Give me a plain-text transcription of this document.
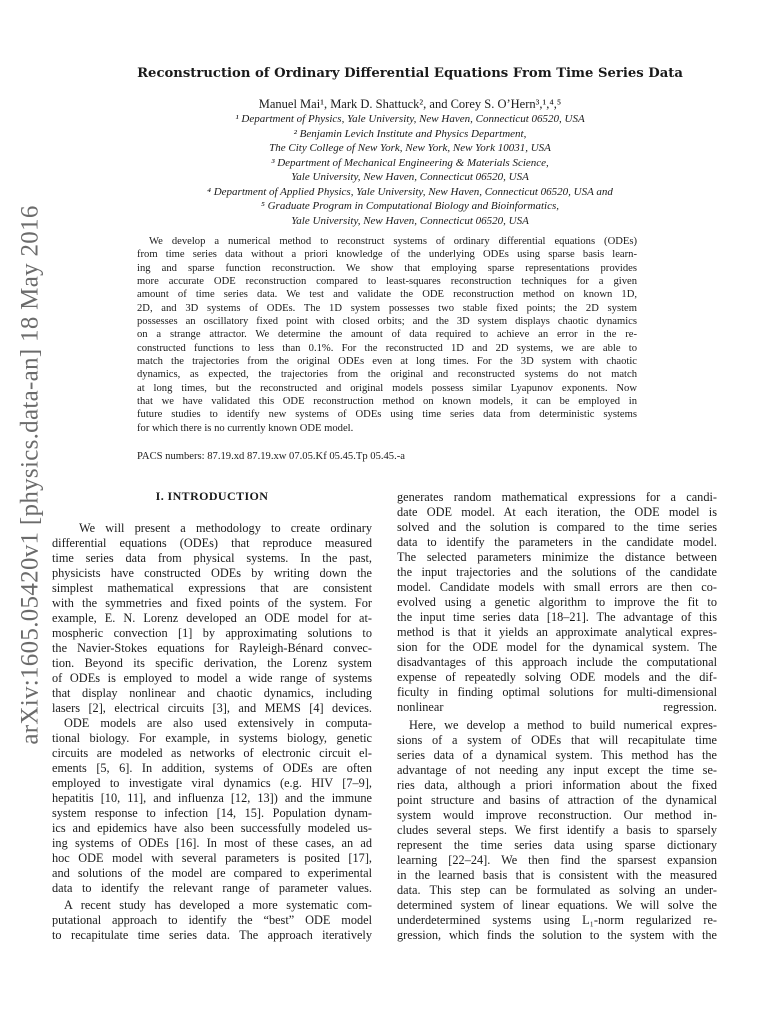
arXiv:1605.05420v1 [physics.data-an] 18 May 2016
Reconstruction of Ordinary Differential Equations From Time Series Data

Manuel Mai¹, Mark D. Shattuck², and Corey S. O’Hern³,¹,⁴,⁵

¹ Department of Physics, Yale University, New Haven, Connecticut 06520, USA
² Benjamin Levich Institute and Physics Department,
The City College of New York, New York, New York 10031, USA
³ Department of Mechanical Engineering & Materials Science,
Yale University, New Haven, Connecticut 06520, USA
⁴ Department of Applied Physics, Yale University, New Haven, Connecticut 06520, USA and
⁵ Graduate Program in Computational Biology and Bioinformatics,
Yale University, New Haven, Connecticut 06520, USA
We develop a numerical method to reconstruct systems of ordinary differential equations (ODEs)
from time series data without a priori knowledge of the underlying ODEs using sparse basis learn-
ing and sparse function reconstruction. We show that employing sparse representations provides
more accurate ODE reconstruction compared to least-squares reconstruction techniques for a given
amount of time series data. We test and validate the ODE reconstruction method on known 1D,
2D, and 3D systems of ODEs. The 1D system possesses two stable fixed points; the 2D system
possesses an oscillatory fixed point with closed orbits; and the 3D system displays chaotic dynamics
on a strange attractor. We determine the amount of data required to achieve an error in the re-
constructed functions to less than 0.1%. For the reconstructed 1D and 2D systems, we are able to
match the trajectories from the original ODEs even at long times. For the 3D system with chaotic
dynamics, as expected, the trajectories from the original and reconstructed systems do not match
at long times, but the reconstructed and original models possess similar Lyapunov exponents. Now
that we have validated this ODE reconstruction method on known models, it can be employed in
future studies to identify new systems of ODEs using time series data from deterministic systems
for which there is no currently known ODE model.
PACS numbers: 87.19.xd 87.19.xw 07.05.Kf 05.45.Tp 05.45.-a
I. INTRODUCTION
We will present a methodology to create ordinary
differential equations (ODEs) that reproduce measured
time series data from physical systems. In the past,
physicists have constructed ODEs by writing down the
simplest mathematical expressions that are consistent
with the symmetries and fixed points of the system. For
example, E. N. Lorenz developed an ODE model for at-
mospheric convection [1] by approximating solutions to
the Navier-Stokes equations for Rayleigh-Bénard convec-
tion. Beyond its specific derivation, the Lorenz system
of ODEs is employed to model a wide range of systems
that display nonlinear and chaotic dynamics, including
lasers [2], electrical circuits [3], and MEMS [4] devices.
ODE models are also used extensively in computa-
tional biology. For example, in systems biology, genetic
circuits are modeled as networks of electronic circuit el-
ements [5, 6]. In addition, systems of ODEs are often
employed to investigate viral dynamics (e.g. HIV [7–9],
hepatitis [10, 11], and influenza [12, 13]) and the immune
system response to infection [14, 15]. Population dynam-
ics and epidemics have also been successfully modeled us-
ing systems of ODEs [16]. In most of these cases, an ad
hoc ODE model with several parameters is posited [17],
and solutions of the model are compared to experimental
data to identify the relevant range of parameter values.
A recent study has developed a more systematic com-
putational approach to identify the “best” ODE model
to recapitulate time series data. The approach iteratively
generates random mathematical expressions for a candi-
date ODE model. At each iteration, the ODE model is
solved and the solution is compared to the time series
data to identify the parameters in the candidate model.
The selected parameters minimize the distance between
the input trajectories and the solutions of the candidate
model. Candidate models with small errors are then co-
evolved using a genetic algorithm to improve the fit to
the input time series data [18–21]. The advantage of this
method is that it yields an approximate analytical expres-
sion for the ODE model for the dynamical system. The
disadvantages of this approach include the computational
expense of repeatedly solving ODE models and the dif-
ficulty in finding optimal solutions for multi-dimensional
nonlinear regression.
Here, we develop a method to build numerical expres-
sions of a system of ODEs that will recapitulate time
series data of a dynamical system. This method has the
advantage of not needing any input except the time se-
ries data, although a priori information about the fixed
point structure and basins of attraction of the dynamical
system would improve reconstruction. Our method in-
cludes several steps. We first identify a basis to sparsely
represent the time series data using sparse dictionary
learning [22–24]. We then find the sparsest expansion
in the learned basis that is consistent with the measured
data. This step can be formulated as solving an under-
determined system of linear equations. We will solve the
underdetermined systems using L₁-norm regularized re-
gression, which finds the solution to the system with the
